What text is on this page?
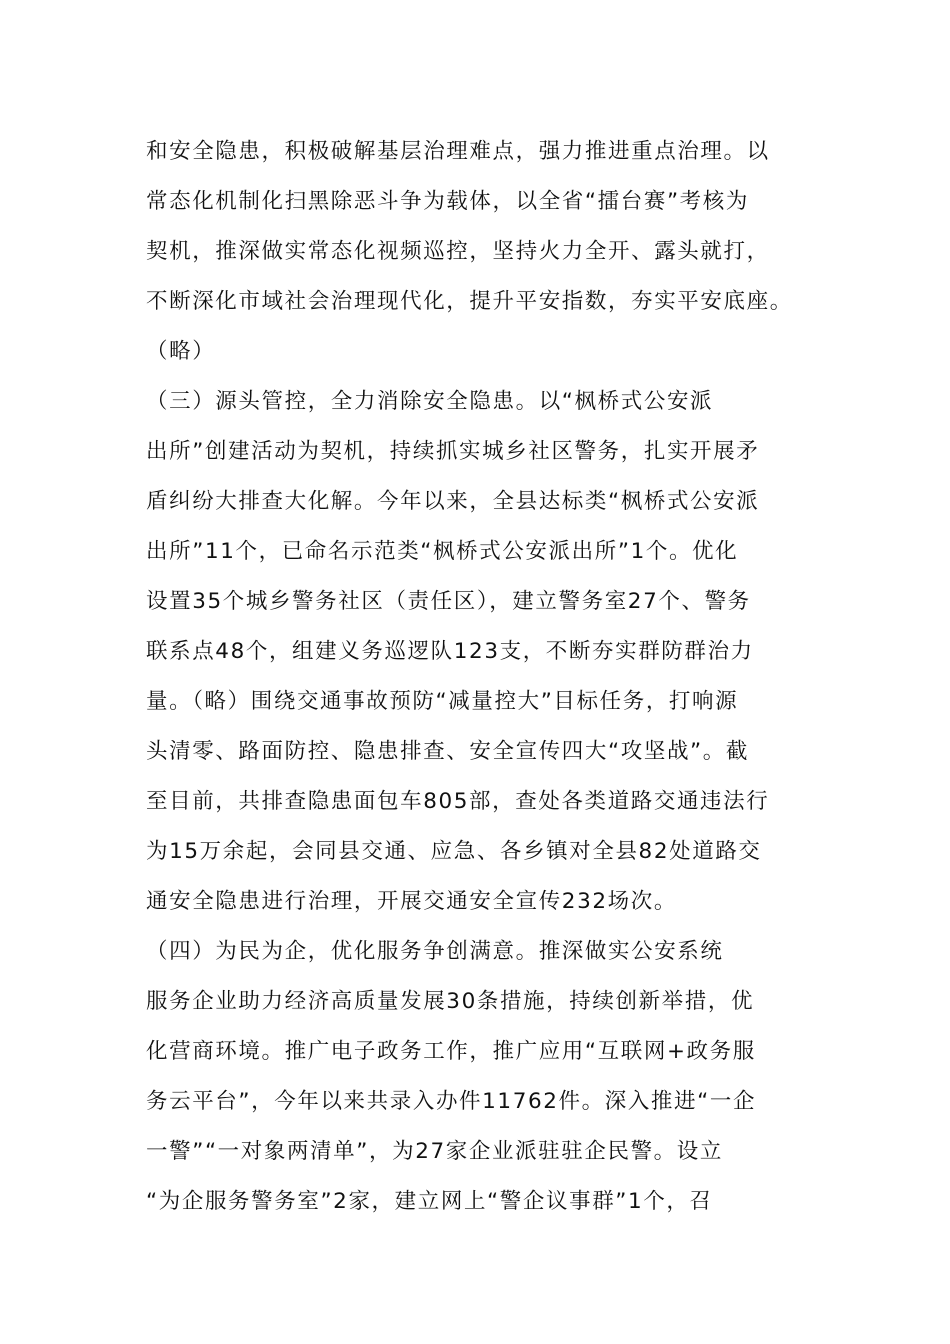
和安全隐患，积极破解基层治理难点，强力推进重点治理。以
常态化机制化扫黑除恶斗争为载体，以全省“擂台赛”考核为
契机，推深做实常态化视频巡控，坚持火力全开、露头就打，
不断深化市域社会治理现代化，提升平安指数，夯实平安底座。
（略）
（三）源头管控，全力消除安全隐患。以“枫桥式公安派
出所”创建活动为契机，持续抓实城乡社区警务，扎实开展矛
盾纠纷大排查大化解。今年以来，全县达标类“枫桥式公安派
出所”11个，已命名示范类“枫桥式公安派出所”1个。优化
设置35个城乡警务社区（责任区），建立警务室27个、警务
联系点48个，组建义务巡逻队123支，不断夯实群防群治力
量。（略）围绕交通事故预防“减量控大”目标任务，打响源
头清零、路面防控、隐患排查、安全宣传四大“攻坚战”。截
至目前，共排查隐患面包车805部，查处各类道路交通违法行
为15万余起，会同县交通、应急、各乡镇对全县82处道路交
通安全隐患进行治理，开展交通安全宣传232场次。
（四）为民为企，优化服务争创满意。推深做实公安系统
服务企业助力经济高质量发展30条措施，持续创新举措，优
化营商环境。推广电子政务工作，推广应用“互联网+政务服
务云平台”，今年以来共录入办件11762件。深入推进“一企
一警”“一对象两清单”，为27家企业派驻驻企民警。设立
“为企服务警务室”2家，建立网上“警企议事群”1个，召
